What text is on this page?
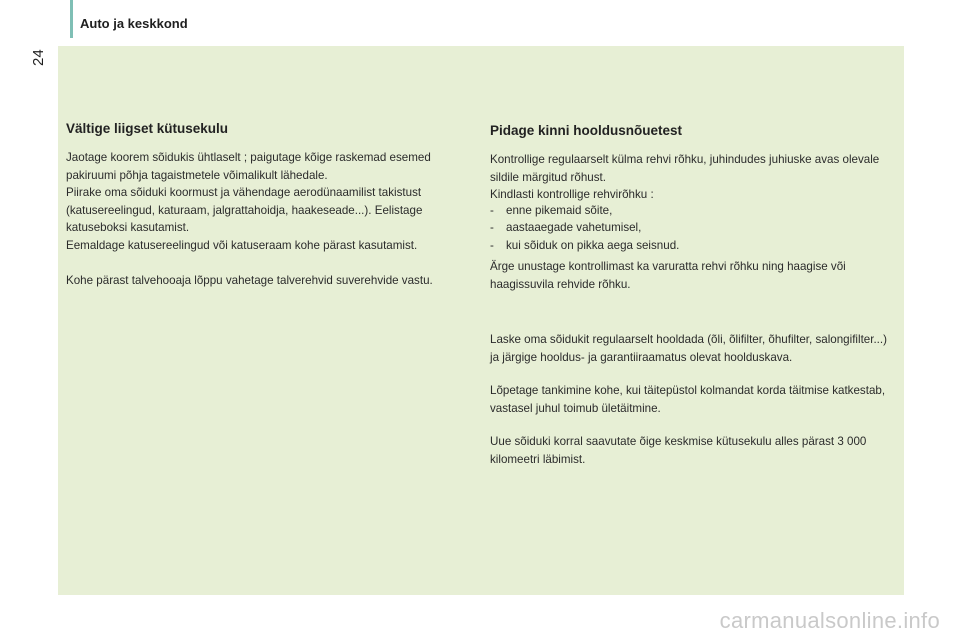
Auto ja keskkond
24
Vältige liigset kütusekulu

Jaotage koorem sõidukis ühtlaselt ; paigutage kõige raskemad esemed pakiruumi põhja tagaistmetele võimalikult lähedale.

Piirake oma sõiduki koormust ja vähendage aerodünaamilist takistust (katusereelingud, katuraam, jalgrattahoidja, haakeseade...). Eelistage katuseboksi kasutamist.

Eemaldage katusereelingud või katuseraam kohe pärast kasutamist.

Kohe pärast talvehooaja lõppu vahetage talverehvid suverehvide vastu.

Pidage kinni hooldusnõuetest

Kontrollige regulaarselt külma rehvi rõhku, juhindudes juhiuske avas olevale sildile märgitud rõhust.

Kindlasti kontrollige rehvirõhku :

- enne pikemaid sõite,
- aastaaegade vahetumisel,
- kui sõiduk on pikka aega seisnud.

Ärge unustage kontrollimast ka varuratta rehvi rõhku ning haagise või haagissuvila rehvide rõhku.

Laske oma sõidukit regulaarselt hooldada (õli, õlifilter, õhufilter, salongifilter...) ja järgige hooldus- ja garantiiraamatus olevat hoolduskava.

Lõpetage tankimine kohe, kui täitepüstol kolmandat korda täitmise katkestab, vastasel juhul toimub ületäitmine.

Uue sõiduki korral saavutate õige keskmise kütusekulu alles pärast 3 000 kilomeetri läbimist.

carmanualsonline.info
